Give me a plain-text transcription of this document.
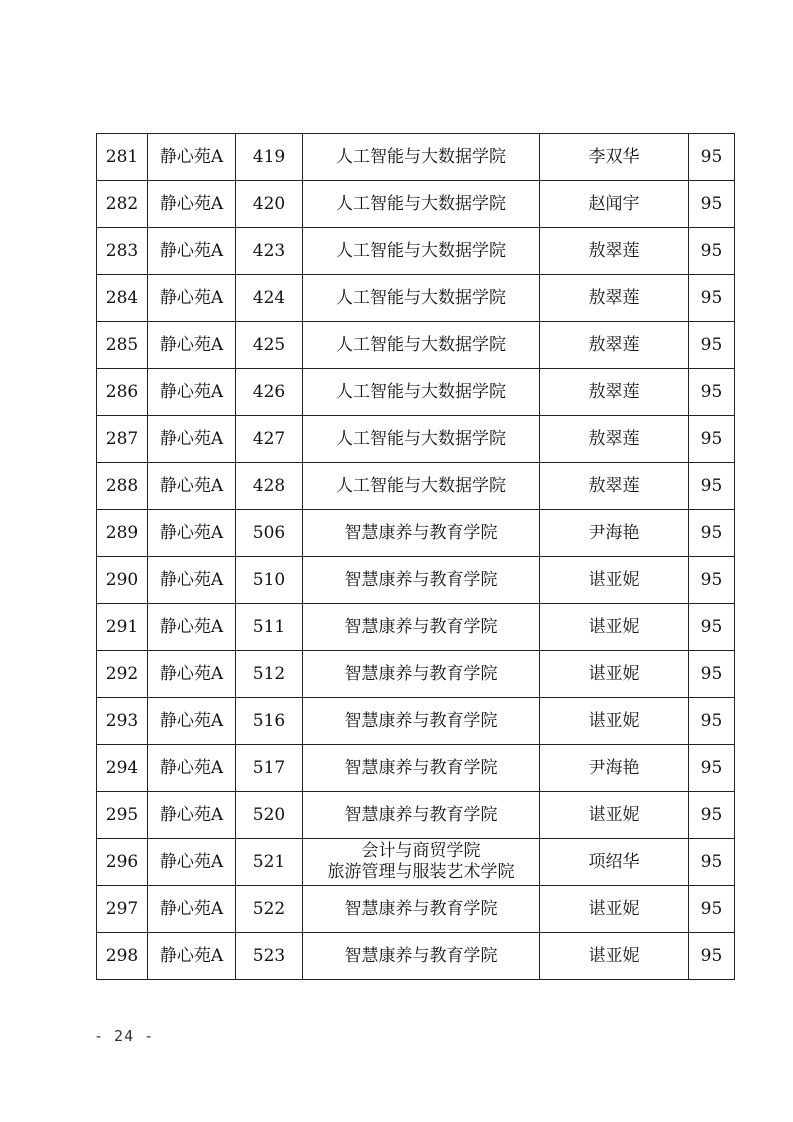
281	静心苑A	419	人工智能与大数据学院	李双华	95
282	静心苑A	420	人工智能与大数据学院	赵闻宇	95
283	静心苑A	423	人工智能与大数据学院	敖翠莲	95
284	静心苑A	424	人工智能与大数据学院	敖翠莲	95
285	静心苑A	425	人工智能与大数据学院	敖翠莲	95
286	静心苑A	426	人工智能与大数据学院	敖翠莲	95
287	静心苑A	427	人工智能与大数据学院	敖翠莲	95
288	静心苑A	428	人工智能与大数据学院	敖翠莲	95
289	静心苑A	506	智慧康养与教育学院	尹海艳	95
290	静心苑A	510	智慧康养与教育学院	谌亚妮	95
291	静心苑A	511	智慧康养与教育学院	谌亚妮	95
292	静心苑A	512	智慧康养与教育学院	谌亚妮	95
293	静心苑A	516	智慧康养与教育学院	谌亚妮	95
294	静心苑A	517	智慧康养与教育学院	尹海艳	95
295	静心苑A	520	智慧康养与教育学院	谌亚妮	95
296	静心苑A	521	会计与商贸学院
旅游管理与服装艺术学院	项绍华	95
297	静心苑A	522	智慧康养与教育学院	谌亚妮	95
298	静心苑A	523	智慧康养与教育学院	谌亚妮	95
- 24 -
